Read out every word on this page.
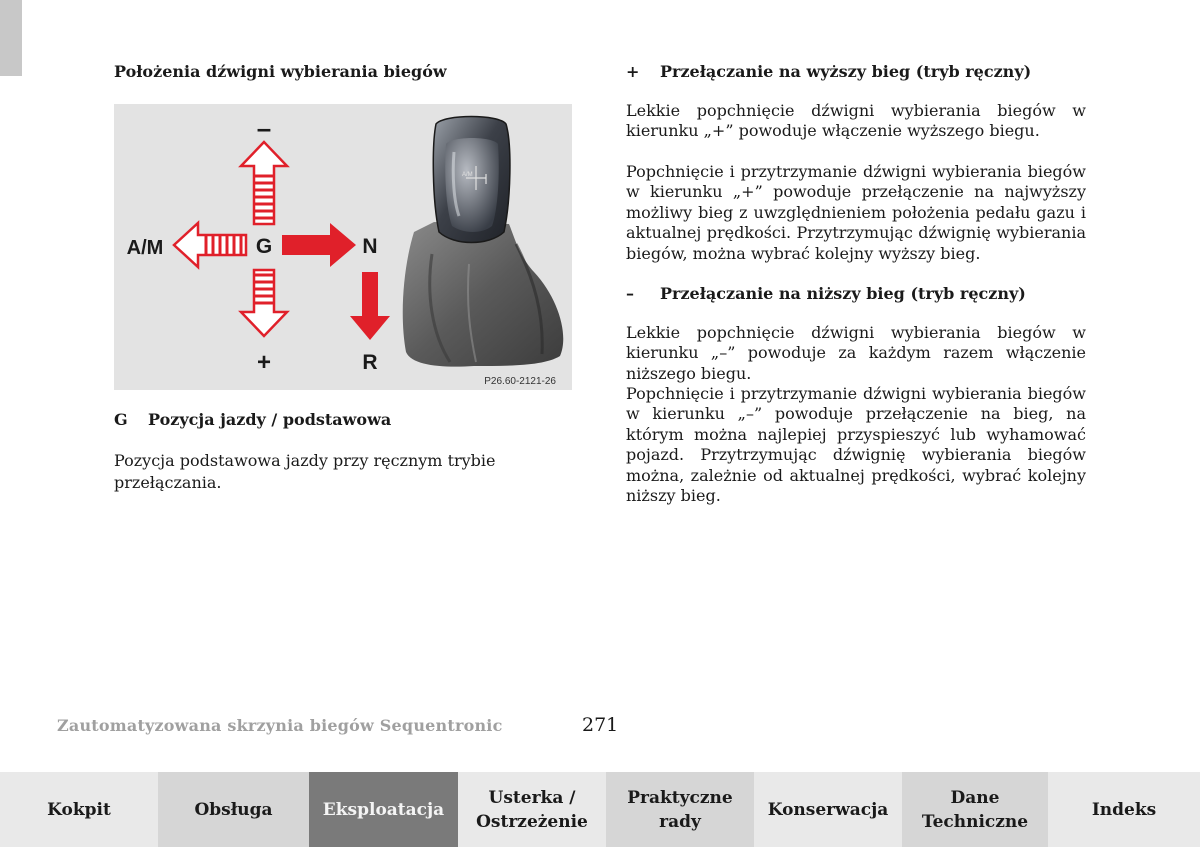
Położenia dźwigni wybierania biegów
–
A/M	G	N
+	R
A/M
P26.60-2121-26
G Pozycja jazdy / podstawowa
Pozycja podstawowa jazdy przy ręcznym trybie przełączania.
+ Przełączanie na wyższy bieg (tryb ręczny)

Lekkie popchnięcie dźwigni wybierania biegów w kierunku „+” powoduje włączenie wyższego biegu.

Popchnięcie i przytrzymanie dźwigni wybierania biegów w kierunku „+” powoduje przełączenie na najwyższy możliwy bieg z uwzględnieniem położenia pedału gazu i aktualnej prędkości. Przytrzymując dźwignię wybierania biegów, można wybrać kolejny wyższy bieg.

– Przełączanie na niższy bieg (tryb ręczny)

Lekkie popchnięcie dźwigni wybierania biegów w kierunku „–” powoduje za każdym razem włączenie niższego biegu.

Popchnięcie i przytrzymanie dźwigni wybierania biegów w kierunku „–” powoduje przełączenie na bieg, na którym można najlepiej przyspieszyć lub wyhamować pojazd. Przytrzymując dźwignię wybierania biegów można, zależnie od aktualnej prędkości, wybrać kolejny niższy bieg.

Zautomatyzowana skrzynia biegów Sequentronic	271
Kokpit	Obsługa	Eksploatacja
Usterka /
Ostrzeżenie
Praktyczne
rady
Konserwacja
Dane
Techniczne
Indeks
